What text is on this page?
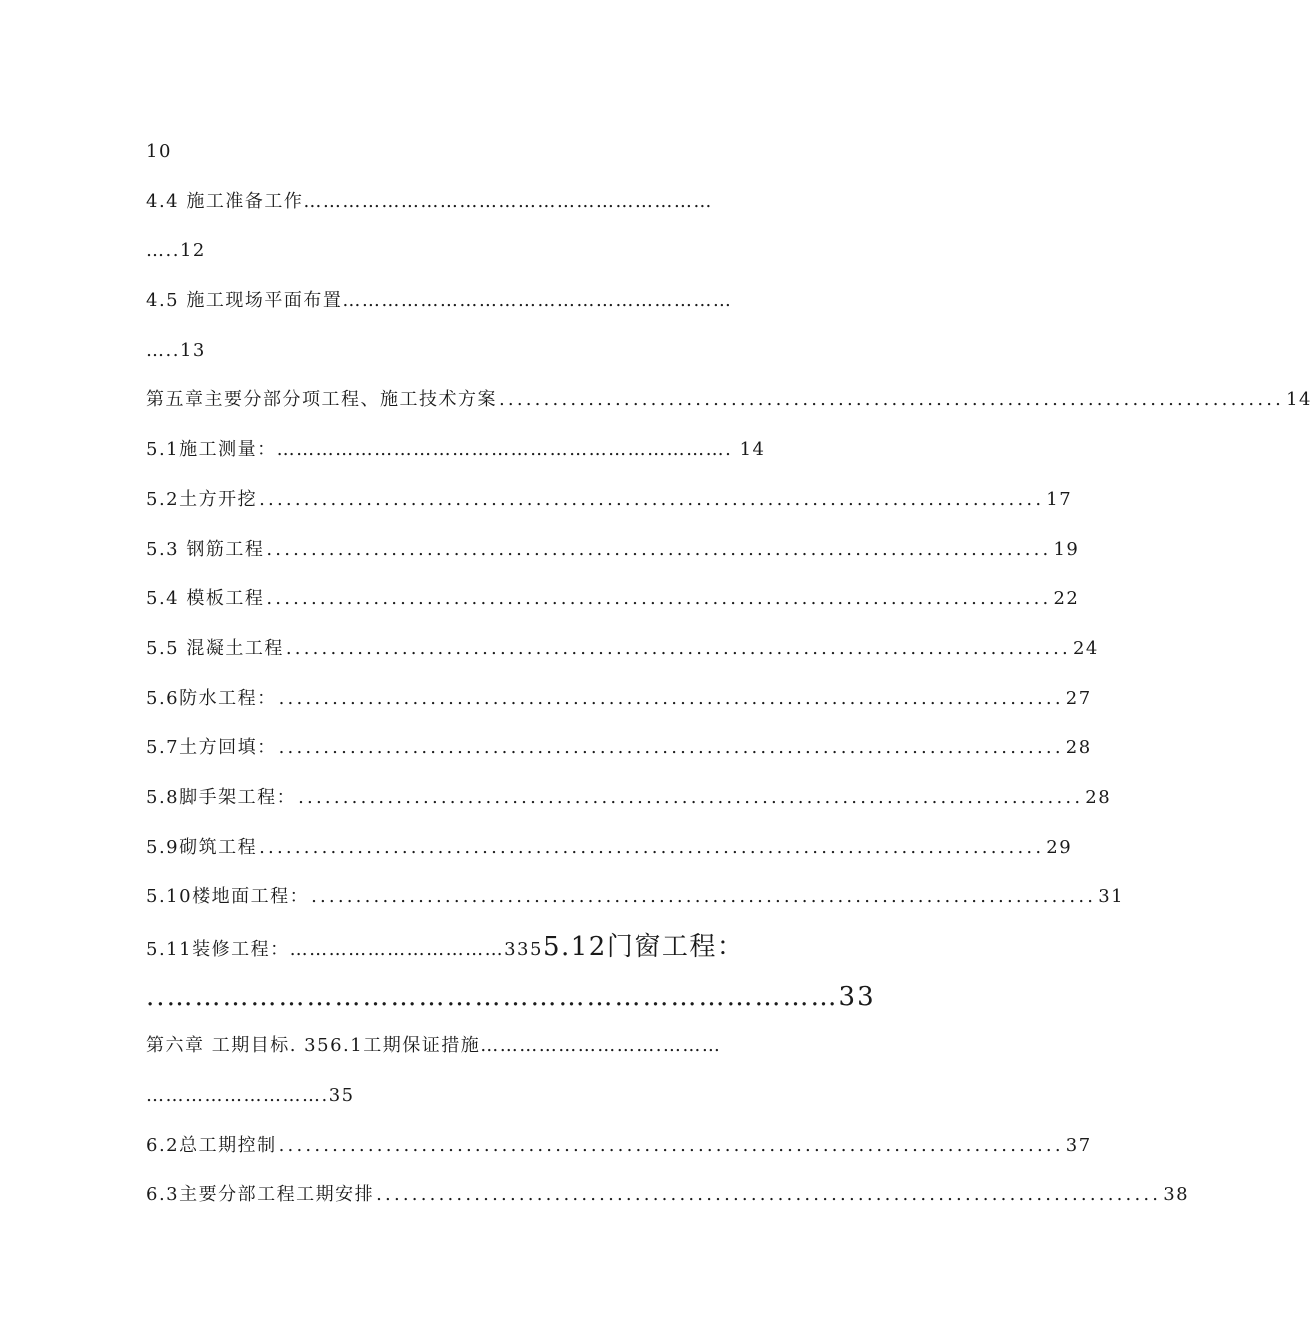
10
4.4 施工准备工作………………………………………………………
…..12
4.5 施工现场平面布置……………………………………………………
…..13
第五章主要分部分项工程、施工技术方案 ........................................................................................ 14
5.1施工测量：……………………………………………………………. 14
5.2土方开挖 ........................................................................................ 17
5.3 钢筋工程 ........................................................................................ 19
5.4 模板工程 ........................................................................................ 22
5.5 混凝土工程 ........................................................................................ 24
5.6防水工程： ........................................................................................ 27
5.7土方回填： ........................................................................................ 28
5.8脚手架工程： ........................................................................................ 28
5.9砌筑工程 ........................................................................................ 29
5.10楼地面工程： ........................................................................................ 31
5.11装修工程：……………………………3355.12门窗工程：
..………………………………………………………………33
第六章 工期目标. 356.1工期保证措施……………………….………
……………………….35
6.2总工期控制 ........................................................................................ 37
6.3主要分部工程工期安排 ........................................................................................ 38
